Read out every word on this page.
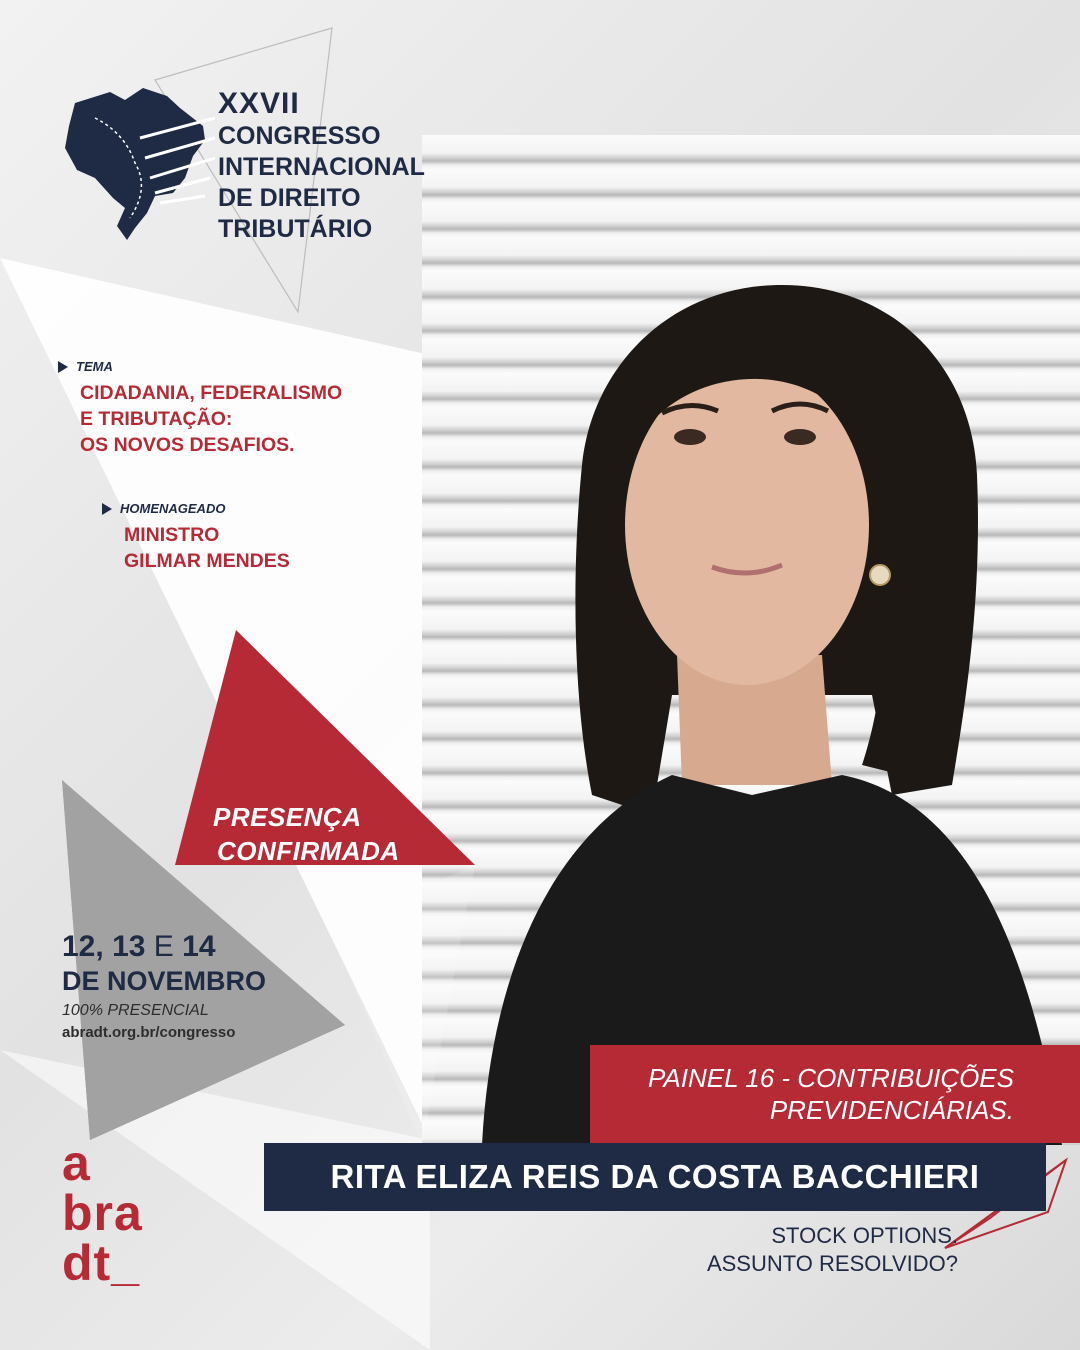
XXVII
CONGRESSO
INTERNACIONAL
DE DIREITO
TRIBUTÁRIO
TEMA
CIDADANIA, FEDERALISMO
E TRIBUTAÇÃO:
OS NOVOS DESAFIOS.
HOMENAGEADO
MINISTRO
GILMAR MENDES
PRESENÇA
CONFIRMADA
12, 13 E 14
DE NOVEMBRO
100% PRESENCIAL
abradt.org.br/congresso
a
bra
dt_
PAINEL 16 - CONTRIBUIÇÕES
PREVIDENCIÁRIAS.
RITA ELIZA REIS DA COSTA BACCHIERI
STOCK OPTIONS.
ASSUNTO RESOLVIDO?
